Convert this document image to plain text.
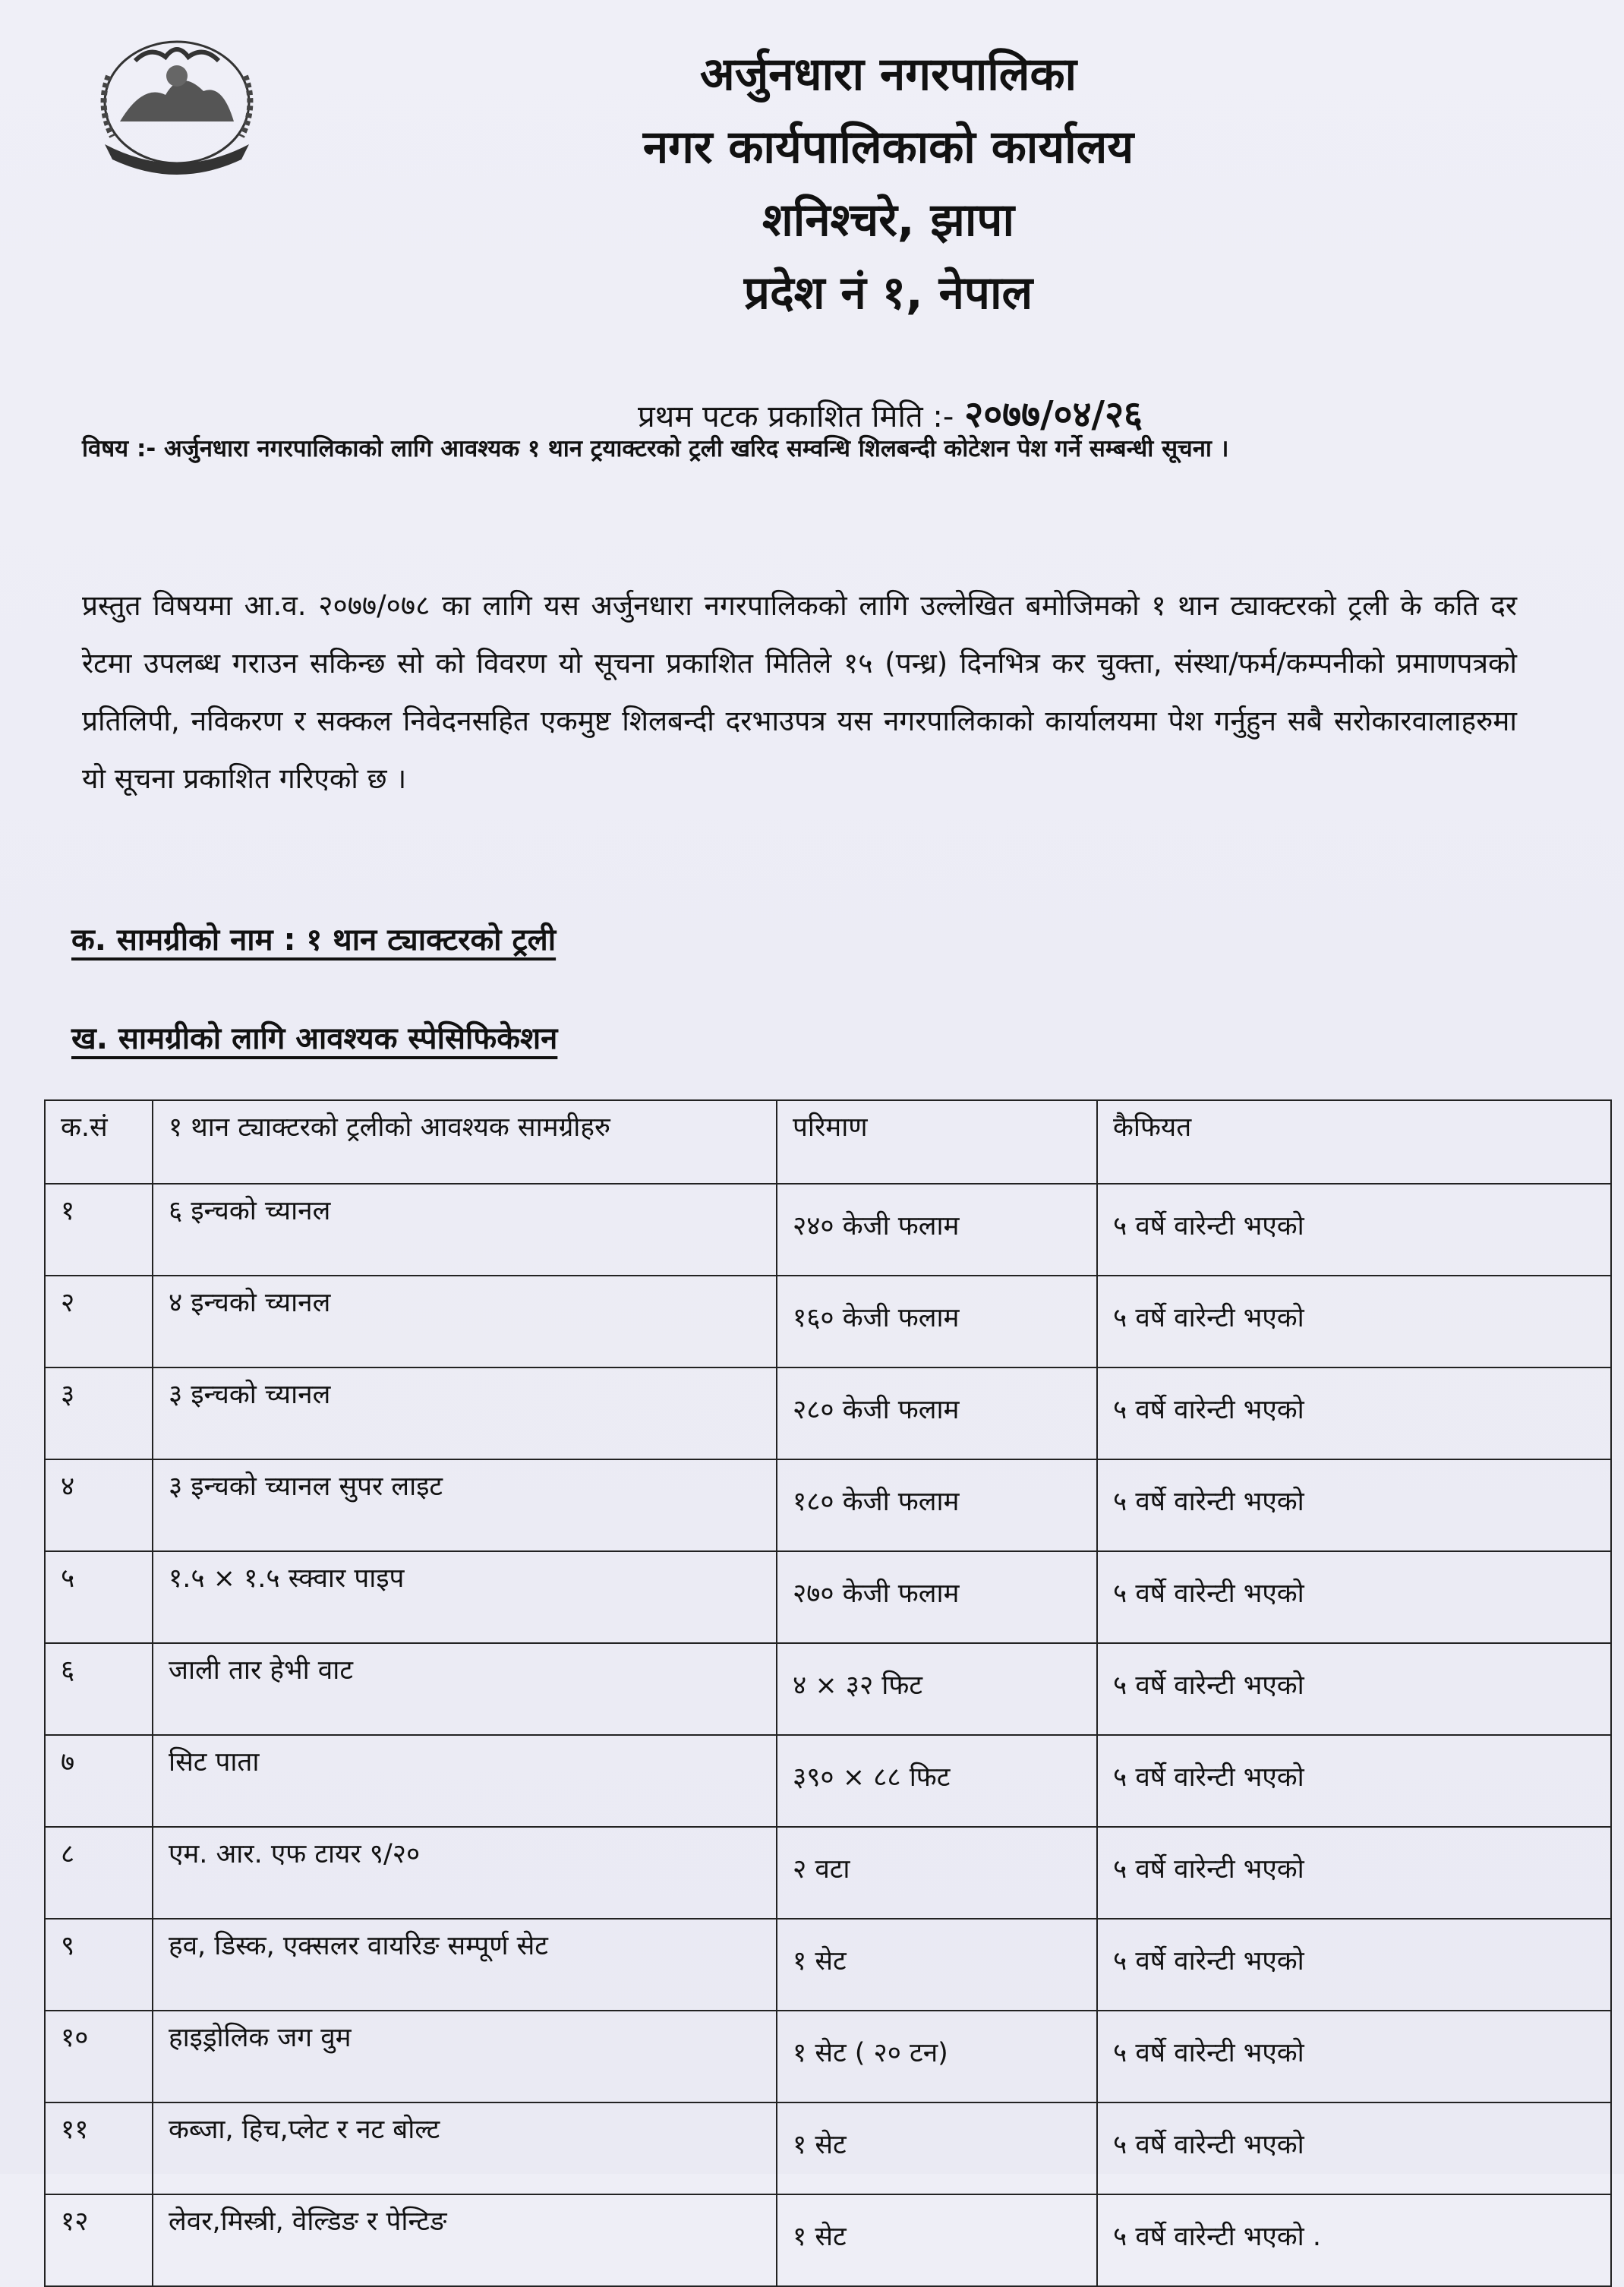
अर्जुनधारा नगरपालिका
नगर कार्यपालिकाको कार्यालय
शनिश्चरे, झापा
प्रदेश नं १, नेपाल
प्रथम पटक प्रकाशित मिति :- २०७७/०४/२६
विषय :- अर्जुनधारा नगरपालिकाको लागि आवश्यक १ थान ट्रयाक्टरको ट्रली खरिद सम्वन्धि शिलबन्दी कोटेशन पेश गर्ने सम्बन्धी सूचना ।
प्रस्तुत विषयमा आ.व. २०७७/०७८ का लागि यस अर्जुनधारा नगरपालिकको लागि उल्लेखित बमोजिमको १ थान ट्याक्टरको ट्रली के कति दर रेटमा उपलब्ध गराउन सकिन्छ सो को विवरण यो सूचना प्रकाशित मितिले १५ (पन्ध्र) दिनभित्र कर चुक्ता, संस्था/फर्म/कम्पनीको प्रमाणपत्रको प्रतिलिपी, नविकरण र सक्कल निवेदनसहित एकमुष्ट शिलबन्दी दरभाउपत्र यस नगरपालिकाको कार्यालयमा पेश गर्नुहुन सबै सरोकारवालाहरुमा यो सूचना प्रकाशित गरिएको छ ।
क. सामग्रीको नाम : १ थान ट्याक्टरको ट्रली
ख. सामग्रीको लागि आवश्यक स्पेसिफिकेशन
क.सं	१ थान ट्याक्टरको ट्रलीको आवश्यक सामग्रीहरु	परिमाण	कैफियत
१	६ इन्चको च्यानल	२४० केजी फलाम	५ वर्षे वारेन्टी भएको
२	४ इन्चको च्यानल	१६० केजी फलाम	५ वर्षे वारेन्टी भएको
३	३ इन्चको च्यानल	२८० केजी फलाम	५ वर्षे वारेन्टी भएको
४	३ इन्चको च्यानल सुपर लाइट	१८० केजी फलाम	५ वर्षे वारेन्टी भएको
५	१.५ × १.५ स्क्वार पाइप	२७० केजी फलाम	५ वर्षे वारेन्टी भएको
६	जाली तार हेभी वाट	४ × ३२ फिट	५ वर्षे वारेन्टी भएको
७	सिट पाता	३९० × ८८ फिट	५ वर्षे वारेन्टी भएको
८	एम. आर. एफ टायर ९/२०	२ वटा	५ वर्षे वारेन्टी भएको
९	हव, डिस्क, एक्सलर वायरिङ सम्पूर्ण सेट	१ सेट	५ वर्षे वारेन्टी भएको
१०	हाइड्रोलिक जग वुम	१ सेट ( २० टन)	५ वर्षे वारेन्टी भएको
११	कब्जा, हिच,प्लेट र नट बोल्ट	१ सेट	५ वर्षे वारेन्टी भएको
१२	लेवर,मिस्त्री, वेल्डिङ र पेन्टिङ	१ सेट	५ वर्षे वारेन्टी भएको .
